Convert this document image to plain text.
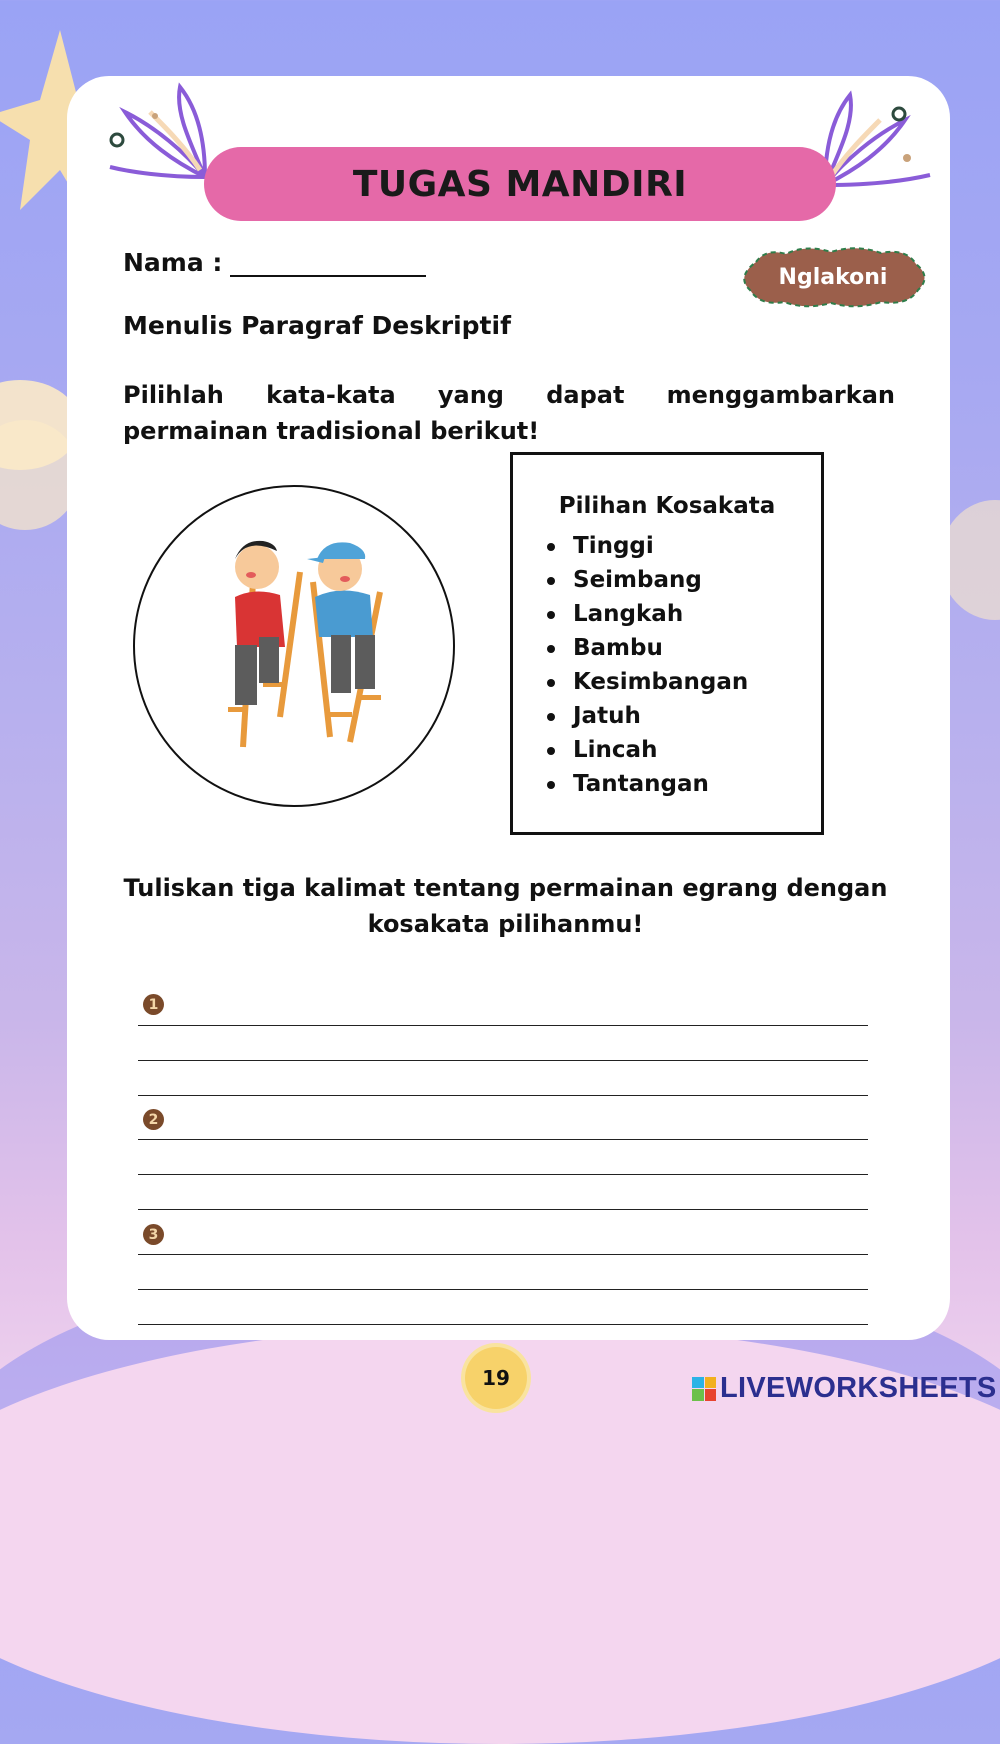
TUGAS MANDIRI
Nama :	Nglakoni
Menulis Paragraf Deskriptif
Pilihlah kata-kata yang dapat menggambarkan permainan tradisional berikut!
Pilihan Kosakata
Tinggi
Seimbang
Langkah
Bambu
Kesimbangan
Jatuh
Lincah
Tantangan
Tuliskan tiga kalimat tentang permainan egrang dengan kosakata pilihanmu!
1
2
3
19	LIVEWORKSHEETS
